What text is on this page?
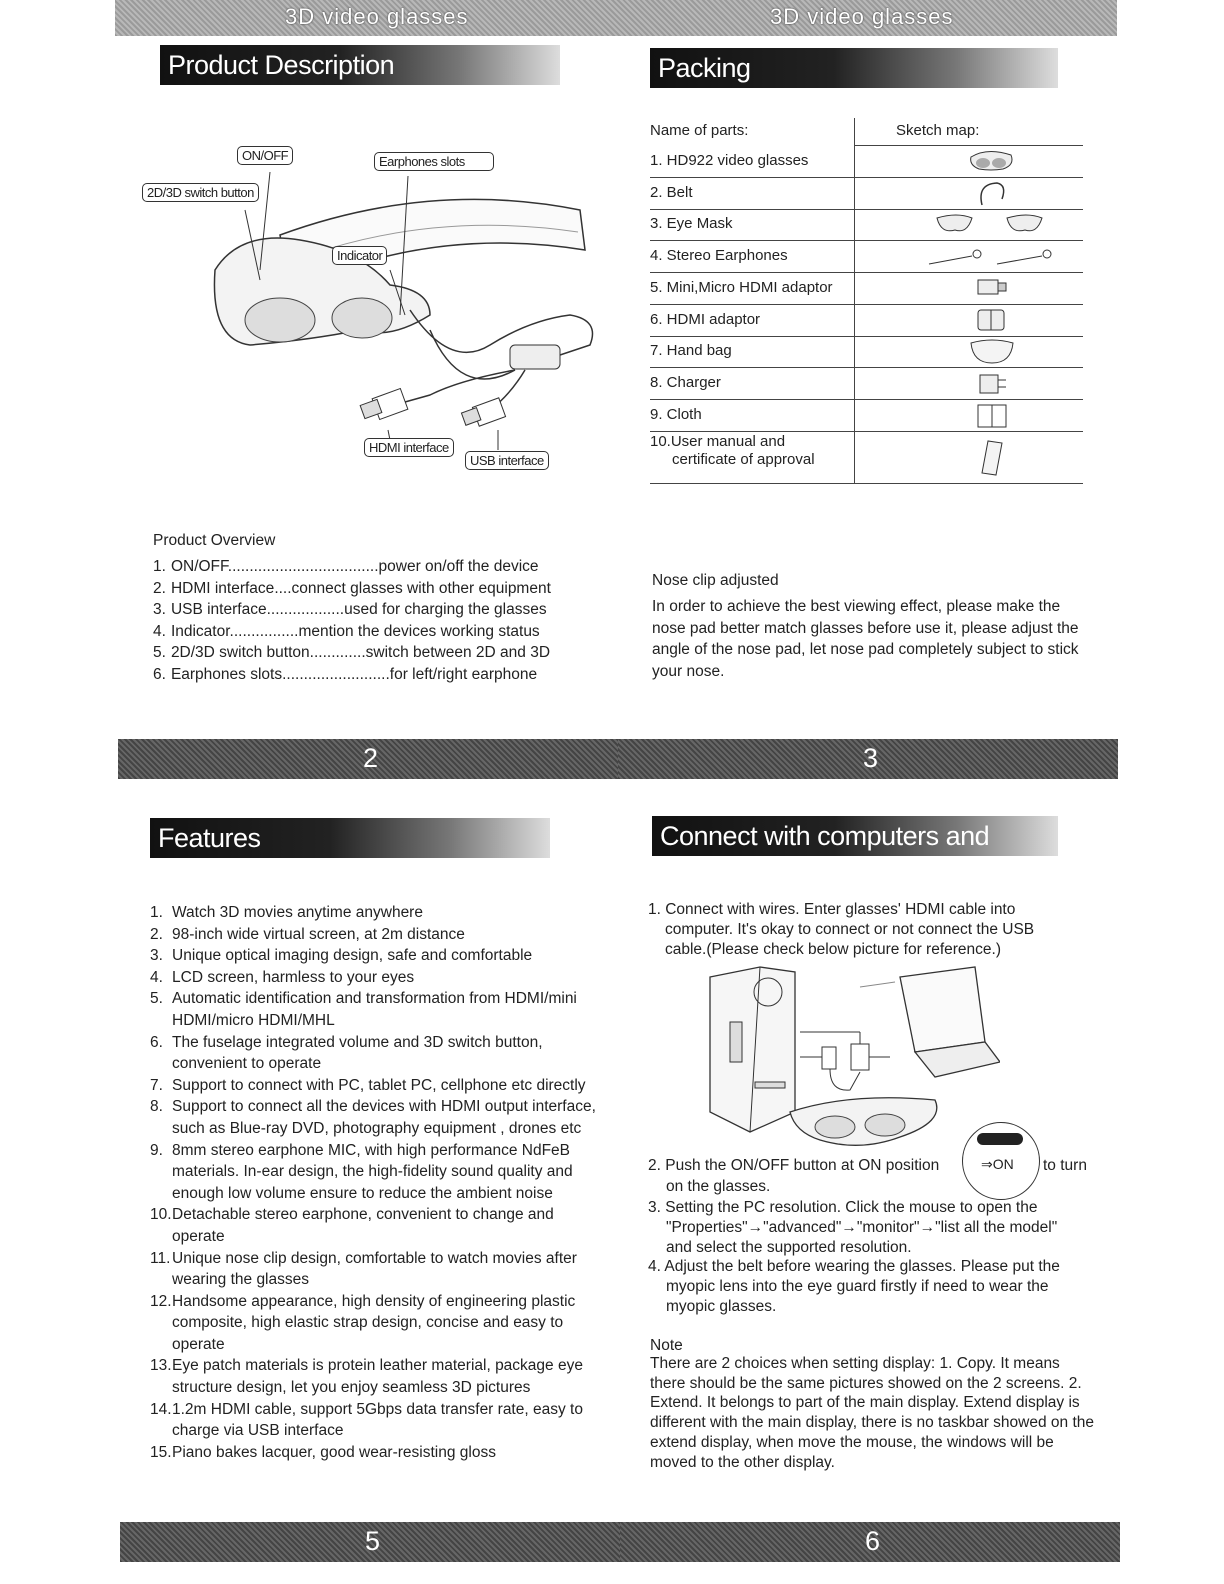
3D video glasses	3D video glasses
Product Description
ON/OFF	Earphones slots
2D/3D switch button
Indicator
HDMI interface
USB interface
Product Overview
1. ON/OFF...................................power on/off the device
2. HDMI interface....connect glasses with other equipment
3. USB interface..................used for charging the glasses
4. Indicator................mention the devices working status
5. 2D/3D switch button.............switch between 2D and 3D
6. Earphones slots.........................for left/right earphone
Packing
Name of parts:	Sketch map:
1. HD922 video glasses
2. Belt
3. Eye Mask
4. Stereo Earphones
5. Mini,Micro HDMI adaptor
6. HDMI adaptor
7. Hand bag
8. Charger
9. Cloth
10.User manual and
certificate of approval
Nose clip adjusted
In order to achieve the best viewing effect, please make the nose pad better match glasses before use it, please adjust the angle of the nose pad, let nose pad completely subject to stick your nose.
2	3
Features
1. Watch 3D movies anytime anywhere
2. 98-inch wide virtual screen, at 2m distance
3. Unique optical imaging design, safe and comfortable
4. LCD screen, harmless to your eyes
5. Automatic identification and transformation from HDMI/mini HDMI/micro HDMI/MHL
6. The fuselage integrated volume and 3D switch button, convenient to operate
7. Support to connect with PC, tablet PC, cellphone etc directly
8. Support to connect all the devices with HDMI output interface, such as Blue-ray DVD, photography equipment , drones etc
9. 8mm stereo earphone MIC, with high performance NdFeB materials. In-ear design, the high-fidelity sound quality and enough low volume ensure to reduce the ambient noise
10. Detachable stereo earphone, convenient to change and operate
11. Unique nose clip design, comfortable to watch movies after wearing the glasses
12. Handsome appearance, high density of engineering plastic composite, high elastic strap design, concise and easy to operate
13. Eye patch materials is protein leather material, package eye structure design, let you enjoy seamless 3D pictures
14. 1.2m HDMI cable, support 5Gbps data transfer rate, easy to charge via USB interface
15. Piano bakes lacquer, good wear-resisting gloss
Connect with computers and laptops
1. Connect with wires. Enter glasses' HDMI cable into computer. It's okay to connect or not connect the USB cable.(Please check below picture for reference.)
2. Push the ON/OFF button at ON position	⇒ON to turn
on the glasses.
3. Setting the PC resolution. Click the mouse to open the "Properties"→"advanced"→"monitor"→"list all the model" and select the supported resolution.
4. Adjust the belt before wearing the glasses. Please put the myopic lens into the eye guard firstly if need to wear the myopic glasses.
Note
There are 2 choices when setting display: 1. Copy. It means there should be the same pictures showed on the 2 screens. 2. Extend. It belongs to part of the main display. Extend display is different with the main display, there is no taskbar showed on the extend display, when move the mouse, the windows will be moved to the other display.
5	6
